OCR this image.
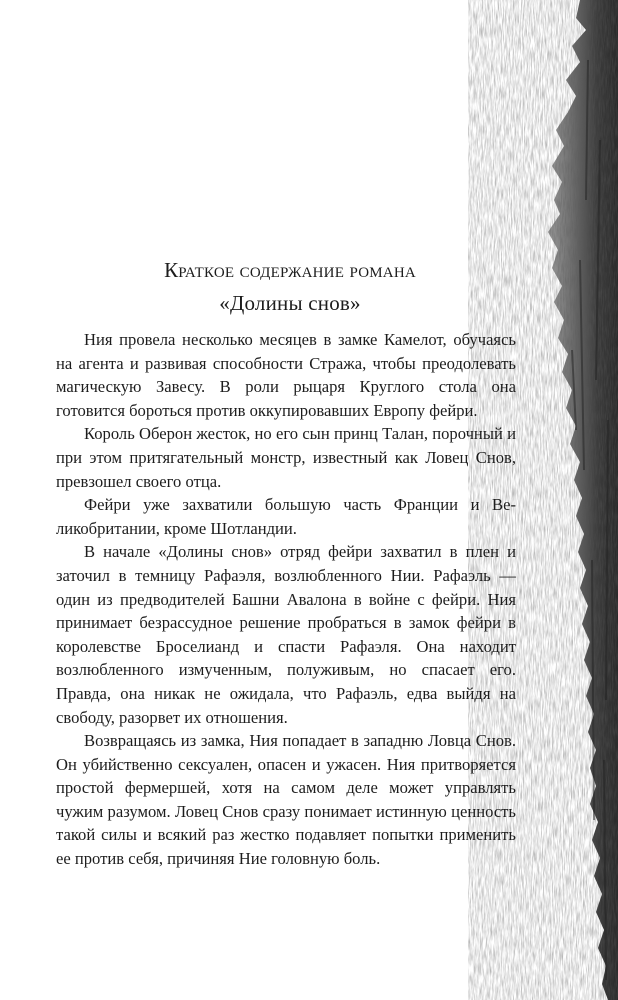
Краткое содержание романа
«Долины снов»

Ния провела несколько месяцев в замке Камелот, обучаясь на агента и развивая способности Стража, чтобы преодолевать магическую Завесу. В роли рыцаря Круглого стола она готовится бороться против оккупировавших Европу фейри.

Король Оберон жесток, но его сын принц Талан, порочный и при этом притягательный монстр, известный как Ловец Снов, превзошел своего отца.

Фейри уже захватили большую часть Франции и Великобритании, кроме Шотландии.

В начале «Долины снов» отряд фейри захватил в плен и заточил в темницу Рафаэля, возлюбленного Нии. Рафаэль — один из предводителей Башни Авалона в войне с фейри. Ния принимает безрассудное решение пробраться в замок фейри в королевстве Броселианд и спасти Рафаэля. Она находит возлюбленного измученным, полуживым, но спасает его. Правда, она никак не ожидала, что Рафаэль, едва выйдя на свободу, разорвет их отношения.

Возвращаясь из замка, Ния попадает в западню Ловца Снов. Он убийственно сексуален, опасен и ужасен. Ния притворяется простой фермершей, хотя на самом деле может управлять чужим разумом. Ловец Снов сразу понимает истинную ценность такой силы и всякий раз жестко подавляет попытки применить ее против себя, причиняя Ние головную боль.
